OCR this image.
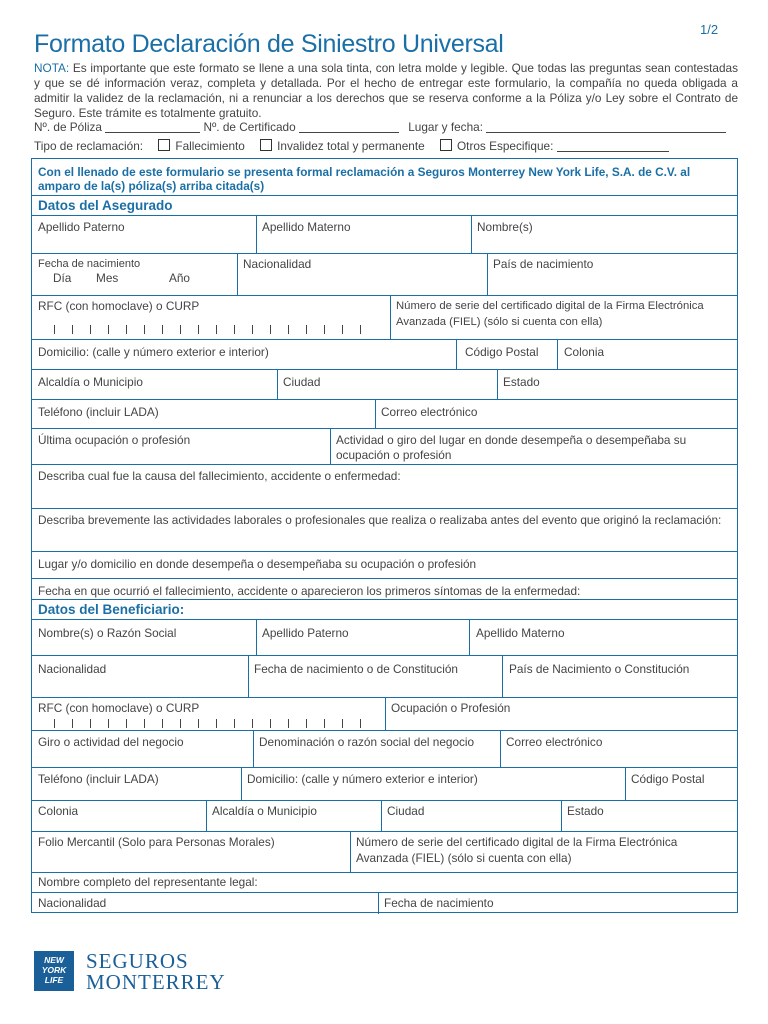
1/2
Formato Declaración de Siniestro Universal
NOTA: Es importante que este formato se llene a una sola tinta, con letra molde y legible. Que todas las preguntas sean contestadas y que se dé información veraz, completa y detallada. Por el hecho de entregar este formulario, la compañía no queda obligada a admitir la validez de la reclamación, ni a renunciar a los derechos que se reserva conforme a la Póliza y/o Ley sobre el Contrato de Seguro. Este trámite es totalmente gratuito.
Nº. de Póliza	Nº. de Certificado	Lugar y fecha:
Tipo de reclamación:	Fallecimiento	Invalidez total y permanente	Otros Especifique:
Con el llenado de este formulario se presenta formal reclamación a Seguros Monterrey New York Life, S.A. de C.V. al amparo de la(s) póliza(s) arriba citada(s)
Datos del Asegurado
Apellido Paterno	Apellido Materno	Nombre(s)
Fecha de nacimiento
Día Mes	Año
Nacionalidad	País de nacimiento
RFC (con homoclave) o CURP	Número de serie del certificado digital de la Firma Electrónica
Avanzada (FIEL) (sólo si cuenta con ella)
Domicilio: (calle y número exterior e interior)	Código Postal Colonia
Alcaldía o Municipio	Ciudad	Estado
Teléfono (incluir LADA)	Correo electrónico
Última ocupación o profesión	Actividad o giro del lugar en donde desempeña o desempeñaba su
ocupación o profesión
Describa cual fue la causa del fallecimiento, accidente o enfermedad:
Describa brevemente las actividades laborales o profesionales que realiza o realizaba antes del evento que originó la reclamación:
Lugar y/o domicilio en donde desempeña o desempeñaba su ocupación o profesión
Fecha en que ocurrió el fallecimiento, accidente o aparecieron los primeros síntomas de la enfermedad:
Datos del Beneficiario:
Nombre(s) o Razón Social	Apellido Paterno	Apellido Materno
Nacionalidad	Fecha de nacimiento o de Constitución	País de Nacimiento o Constitución
RFC (con homoclave) o CURP	Ocupación o Profesión
Giro o actividad del negocio	Denominación o razón social del negocio	Correo electrónico
Teléfono (incluir LADA)	Domicilio: (calle y número exterior e interior)	Código Postal
Colonia	Alcaldía o Municipio	Ciudad	Estado
Folio Mercantil (Solo para Personas Morales)	Número de serie del certificado digital de la Firma Electrónica
Avanzada (FIEL) (sólo si cuenta con ella)
Nombre completo del representante legal:
Nacionalidad	Fecha de nacimiento
NEW
YORK
LIFE
SEGUROS
MONTERREY
